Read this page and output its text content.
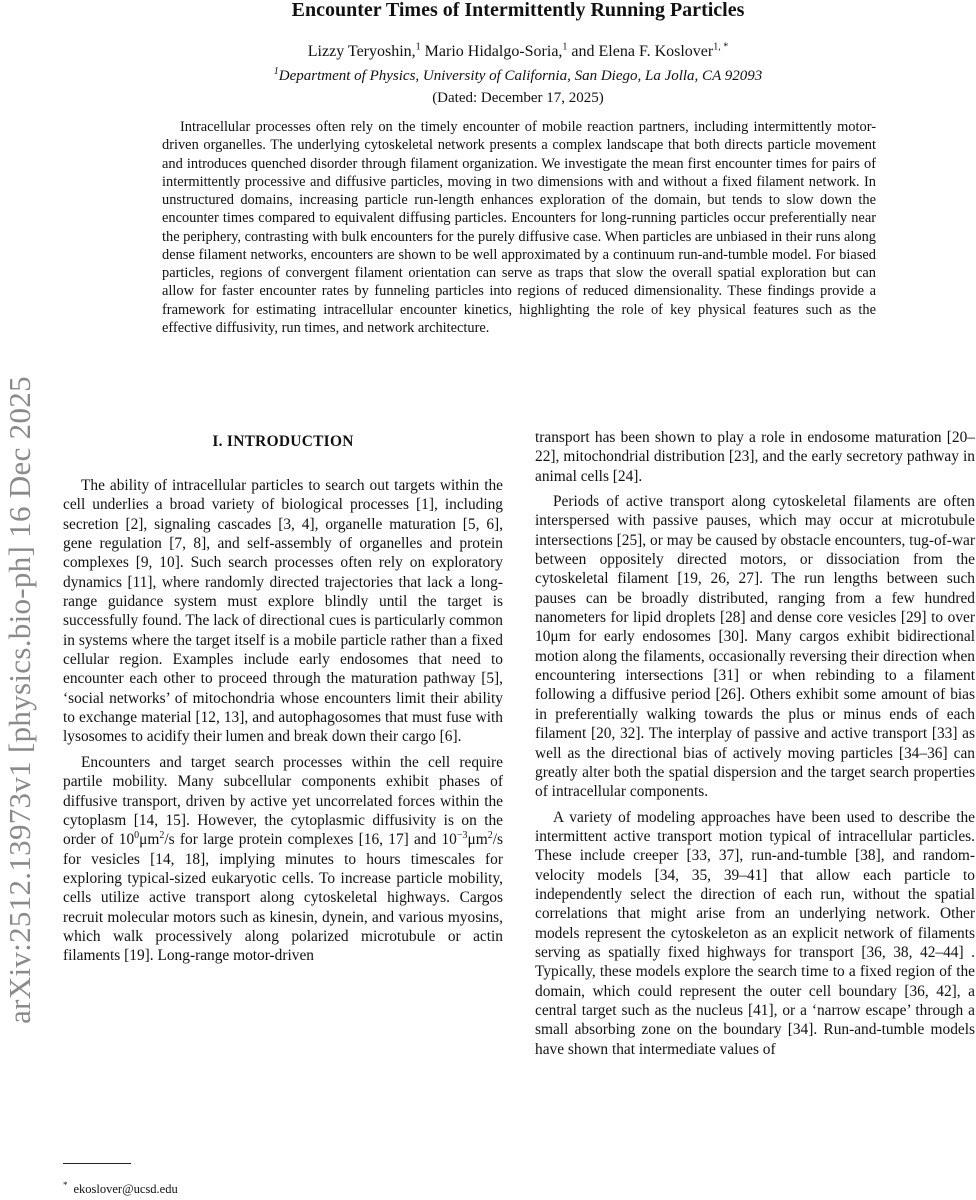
arXiv:2512.13973v1 [physics.bio-ph] 16 Dec 2025
Encounter Times of Intermittently Running Particles
Lizzy Teryoshin,$^1$ Mario Hidalgo-Soria,$^1$ and Elena F. Koslover$^{1, *}$
$^1$Department of Physics, University of California, San Diego, La Jolla, CA 92093
(Dated: December 17, 2025)

Intracellular processes often rely on the timely encounter of mobile reaction partners, including intermittently motor-driven organelles. The underlying cytoskeletal network presents a complex landscape that both directs particle movement and introduces quenched disorder through filament organization. We investigate the mean first encounter times for pairs of intermittently processive and diffusive particles, moving in two dimensions with and without a fixed filament network. In unstructured domains, increasing particle run-length enhances exploration of the domain, but tends to slow down the encounter times compared to equivalent diffusing particles. Encounters for long-running particles occur preferentially near the periphery, contrasting with bulk encounters for the purely diffusive case. When particles are unbiased in their runs along dense filament networks, encounters are shown to be well approximated by a continuum run-and-tumble model. For biased particles, regions of convergent filament orientation can serve as traps that slow the overall spatial exploration but can allow for faster encounter rates by funneling particles into regions of reduced dimensionality. These findings provide a framework for estimating intracellular encounter kinetics, highlighting the role of key physical features such as the effective diffusivity, run times, and network architecture.

I. INTRODUCTION

The ability of intracellular particles to search out targets within the cell underlies a broad variety of biological processes [1], including secretion [2], signaling cascades [3, 4], organelle maturation [5, 6], gene regulation [7, 8], and self-assembly of organelles and protein complexes [9, 10]. Such search processes often rely on exploratory dynamics [11], where randomly directed trajectories that lack a long-range guidance system must explore blindly until the target is successfully found. The lack of directional cues is particularly common in systems where the target itself is a mobile particle rather than a fixed cellular region. Examples include early endosomes that need to encounter each other to proceed through the maturation pathway [5], ‘social networks’ of mitochondria whose encounters limit their ability to exchange material [12, 13], and autophagosomes that must fuse with lysosomes to acidify their lumen and break down their cargo [6].

Encounters and target search processes within the cell require partile mobility. Many subcellular components exhibit phases of diffusive transport, driven by active yet uncorrelated forces within the cytoplasm [14, 15]. However, the cytoplasmic diffusivity is on the order of $10^0\mu m^2/s$ for large protein complexes [16, 17] and $10^{-3}\mu m^2/s$ for vesicles [14, 18], implying minutes to hours timescales for exploring typical-sized eukaryotic cells. To increase particle mobility, cells utilize active transport along cytoskeletal highways. Cargos recruit molecular motors such as kinesin, dynein, and various myosins, which walk processively along polarized microtubule or actin filaments [19]. Long-range motor-driven

transport has been shown to play a role in endosome maturation [20–22], mitochondrial distribution [23], and the early secretory pathway in animal cells [24].

Periods of active transport along cytoskeletal filaments are often interspersed with passive pauses, which may occur at microtubule intersections [25], or may be caused by obstacle encounters, tug-of-war between oppositely directed motors, or dissociation from the cytoskeletal filament [19, 26, 27]. The run lengths between such pauses can be broadly distributed, ranging from a few hundred nanometers for lipid droplets [28] and dense core vesicles [29] to over 10μm for early endosomes [30]. Many cargos exhibit bidirectional motion along the filaments, occasionally reversing their direction when encountering intersections [31] or when rebinding to a filament following a diffusive period [26]. Others exhibit some amount of bias in preferentially walking towards the plus or minus ends of each filament [20, 32]. The interplay of passive and active transport [33] as well as the directional bias of actively moving particles [34–36] can greatly alter both the spatial dispersion and the target search properties of intracellular components.

A variety of modeling approaches have been used to describe the intermittent active transport motion typical of intracellular particles. These include creeper [33, 37], run-and-tumble [38], and random-velocity models [34, 35, 39–41] that allow each particle to independently select the direction of each run, without the spatial correlations that might arise from an underlying network. Other models represent the cytoskeleton as an explicit network of filaments serving as spatially fixed highways for transport [36, 38, 42–44] . Typically, these models explore the search time to a fixed region of the domain, which could represent the outer cell boundary [36, 42], a central target such as the nucleus [41], or a ‘narrow escape’ through a small absorbing zone on the boundary [34]. Run-and-tumble models have shown that intermediate values of

* ekoslover@ucsd.edu
